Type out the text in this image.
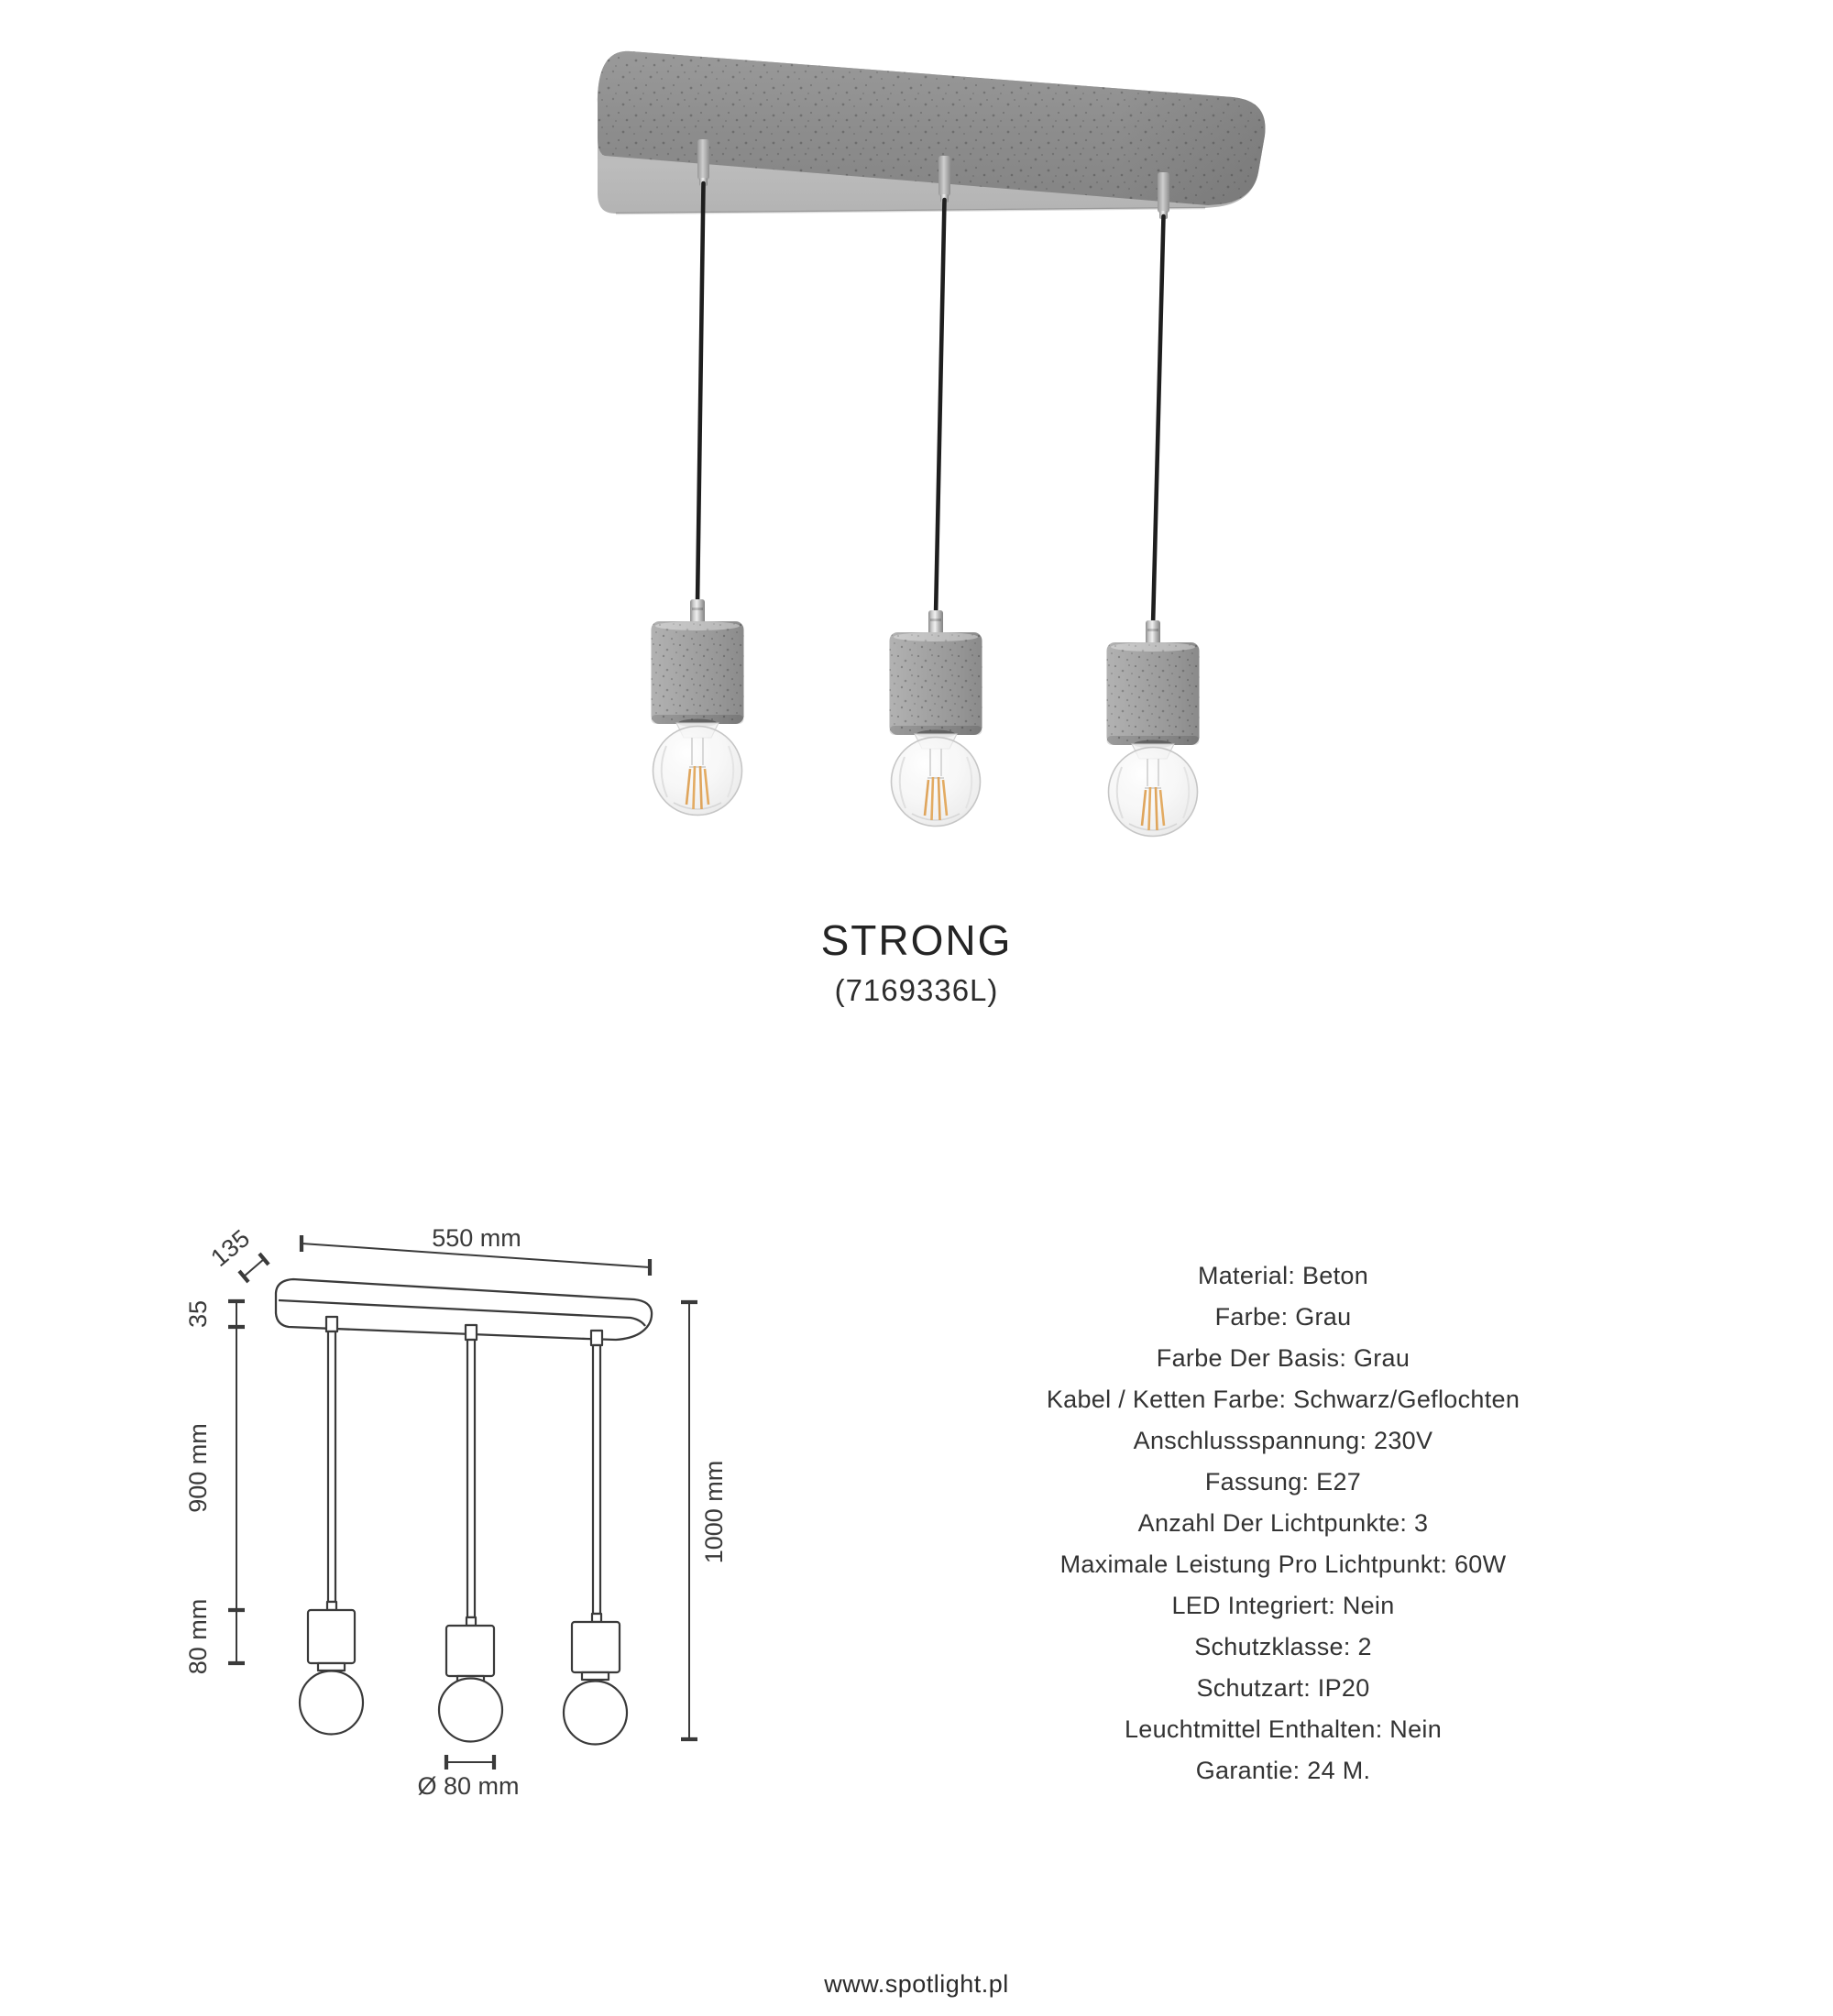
STRONG
(7169336L)
550 mm
135
35
900 mm
80 mm
1000 mm
Ø 80 mm
Material: Beton
Farbe: Grau
Farbe Der Basis: Grau
Kabel / Ketten Farbe: Schwarz/Geflochten
Anschlussspannung: 230V
Fassung: E27
Anzahl Der Lichtpunkte: 3
Maximale Leistung Pro Lichtpunkt: 60W
LED Integriert: Nein
Schutzklasse: 2
Schutzart: IP20
Leuchtmittel Enthalten: Nein
Garantie: 24 M.
www.spotlight.pl
